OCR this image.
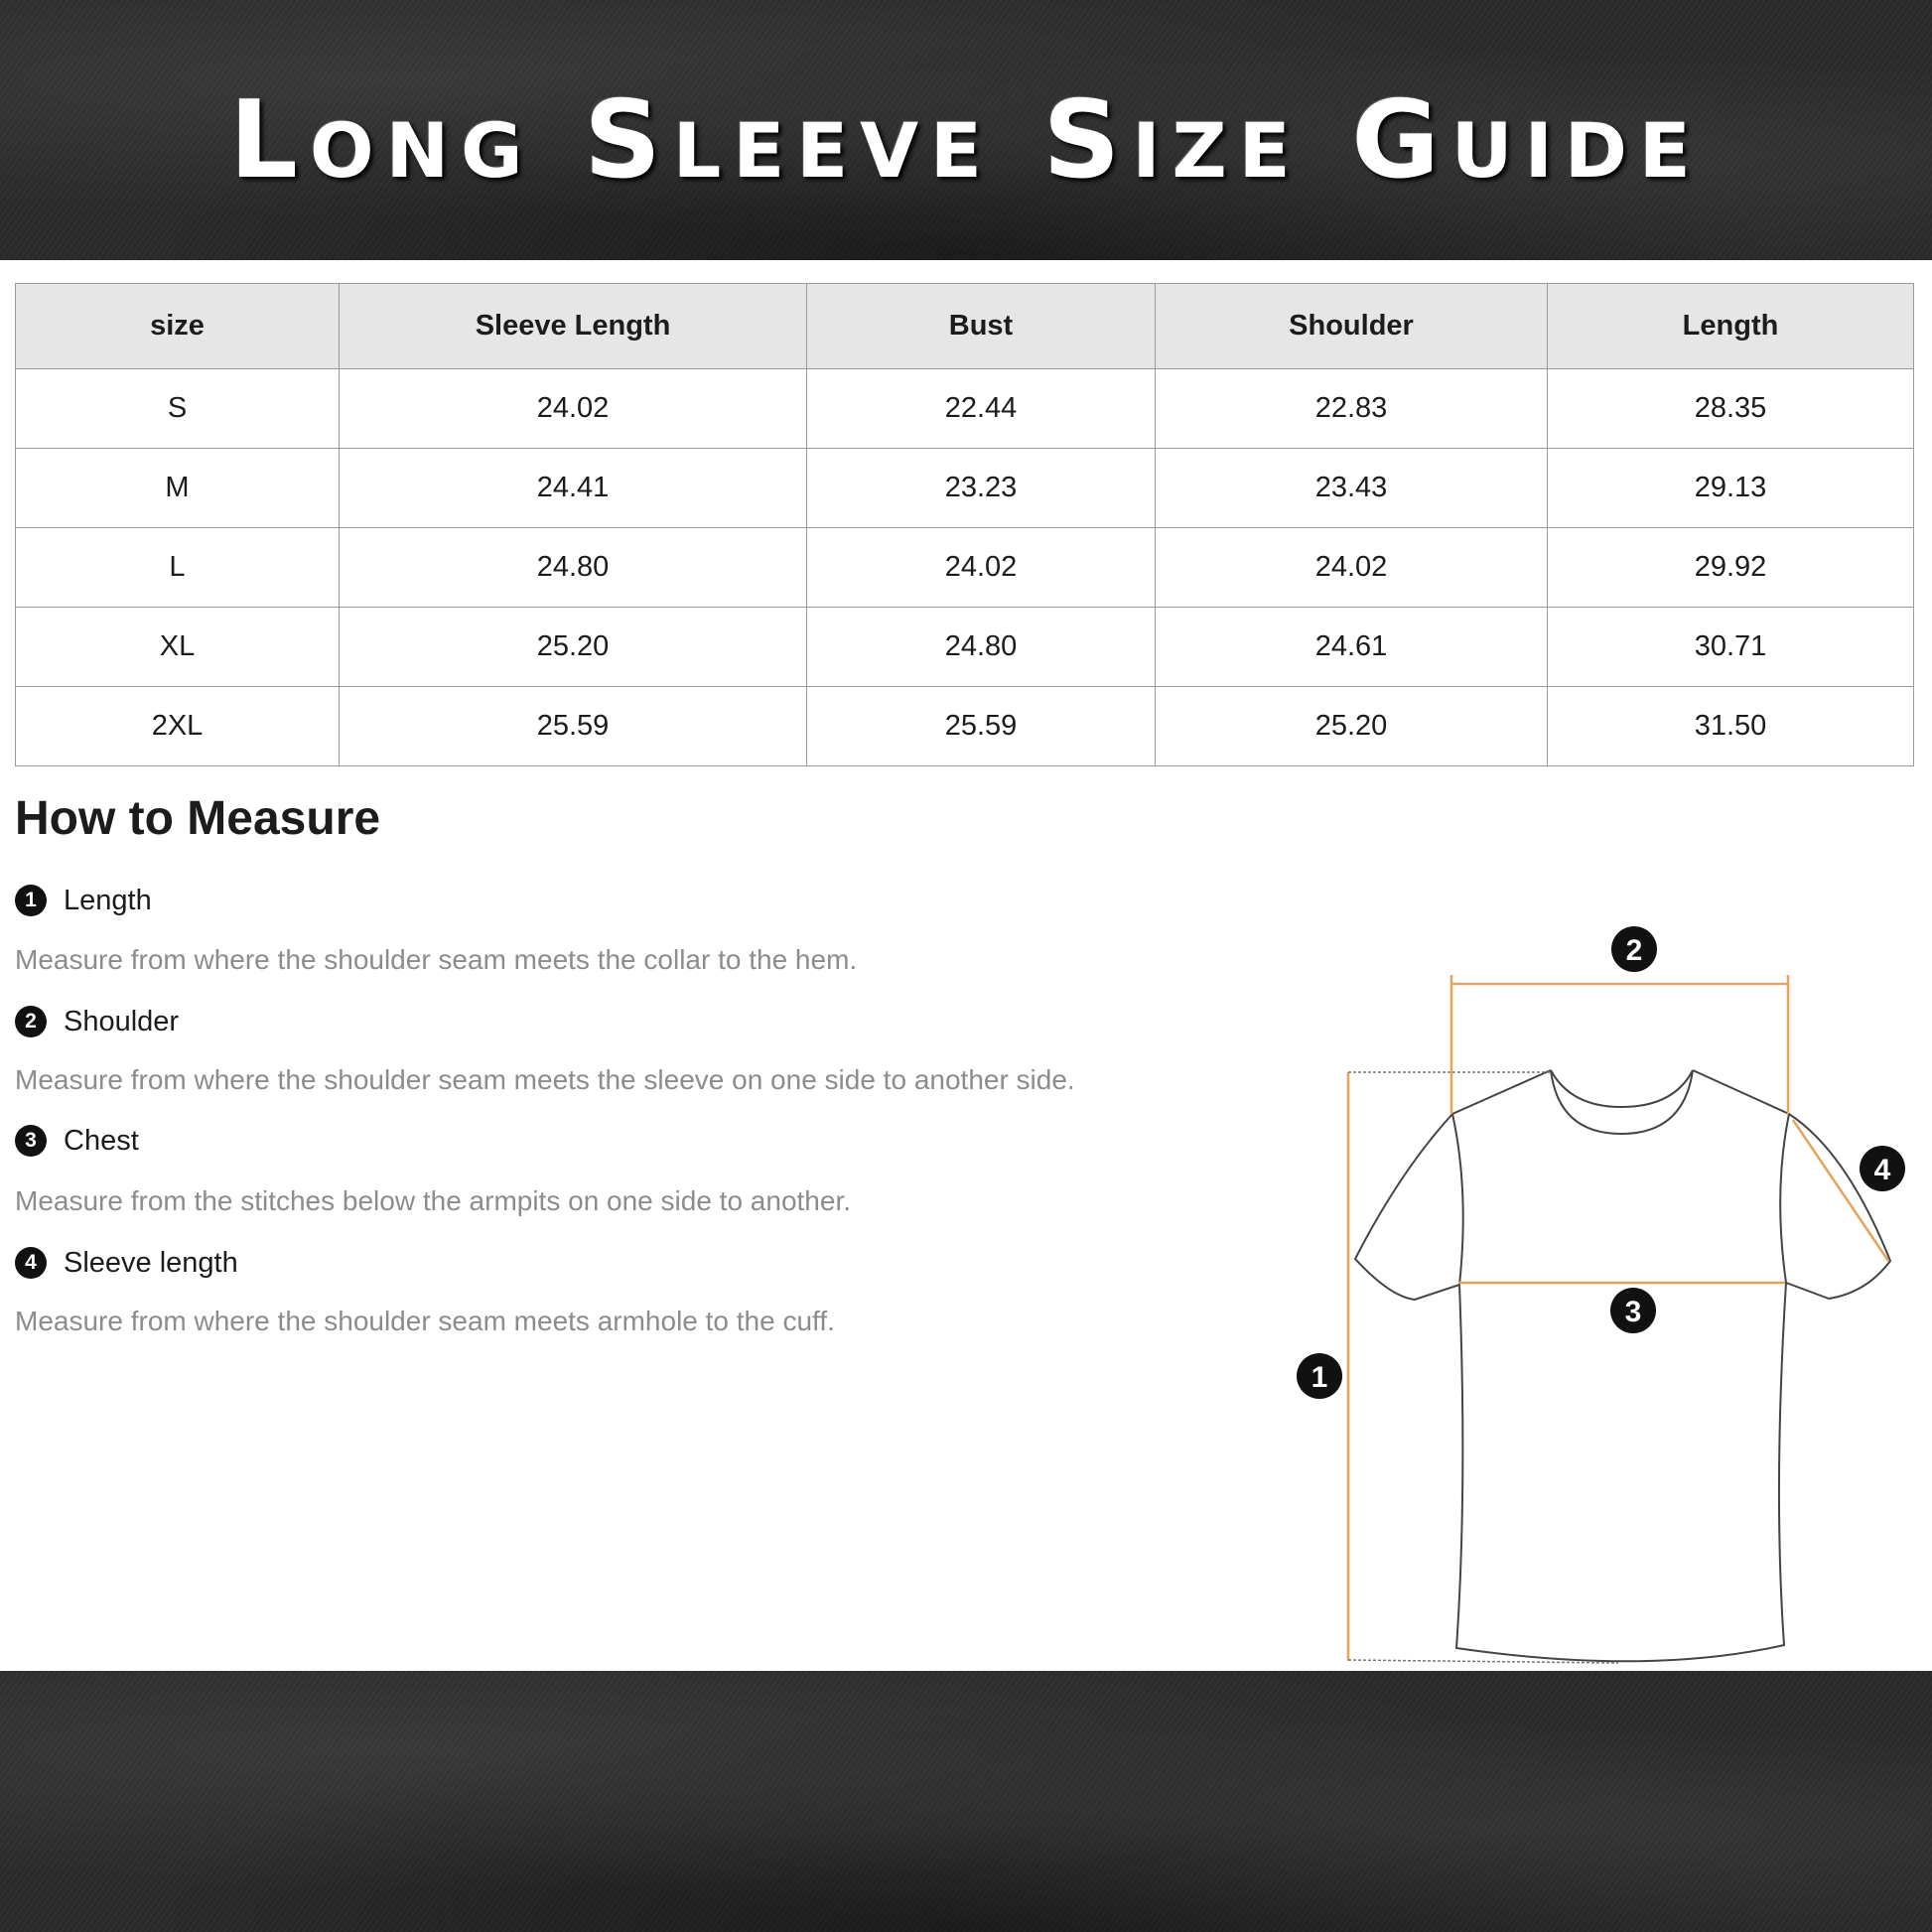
Long Sleeve Size Guide
size	Sleeve Length	Bust	Shoulder	Length
S	24.02	22.44	22.83	28.35
M	24.41	23.23	23.43	29.13
L	24.80	24.02	24.02	29.92
XL	25.20	24.80	24.61	30.71
2XL	25.59	25.59	25.20	31.50
How to Measure
1 Length
Measure from where the shoulder seam meets the collar to the hem.
2 Shoulder
Measure from where the shoulder seam meets the sleeve on one side to another side.
3 Chest
Measure from the stitches below the armpits on one side to another.
4 Sleeve length
Measure from where the shoulder seam meets armhole to the cuff.
1
2
3
4
